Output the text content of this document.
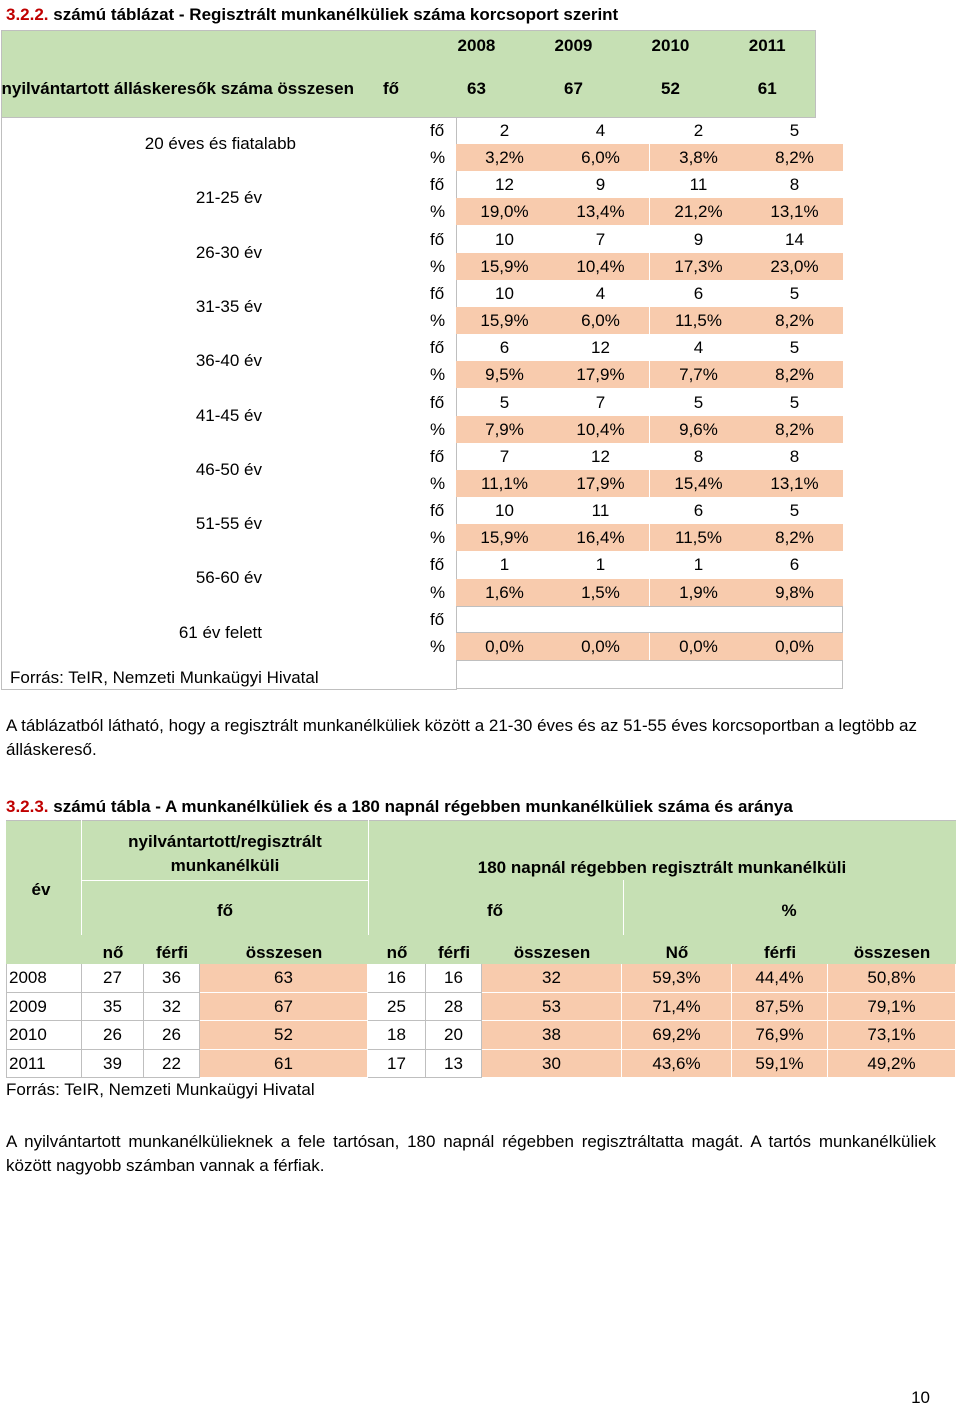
3.2.2. számú táblázat - Regisztrált munkanélküliek száma korcsoport szerint						
			2008	2009	2010	2011	
	nyilvántartott álláskeresők száma összesen	fő	63	67	52	61	
20 éves és fiatalabb
fő	2	4	2	5
%	3,2%	6,0%	3,8%	8,2%
21-25 év
fő	12	9	11	8
%	19,0%	13,4%	21,2%	13,1%
26-30 év
fő	10	7	9	14
%	15,9%	10,4%	17,3%	23,0%
31-35 év
fő	10	4	6	5
%	15,9%	6,0%	11,5%	8,2%
36-40 év
fő	6	12	4	5
%	9,5%	17,9%	7,7%	8,2%
41-45 év
fő	5	7	5	5
%	7,9%	10,4%	9,6%	8,2%
46-50 év
fő	7	12	8	8
%	11,1%	17,9%	15,4%	13,1%
51-55 év
fő	10	11	6	5
%	15,9%	16,4%	11,5%	8,2%
56-60 év
fő	1	1	1	6
%	1,6%	1,5%	1,9%	9,8%
61 év felett
fő
%	0,0%	0,0%	0,0%	0,0%
Forrás: TeIR, Nemzeti Munkaügyi Hivatal

A táblázatból látható, hogy a regisztrált munkanélküliek között a 21-30 éves és az 51-55 éves korcsoportban a legtöbb az álláskereső.

3.2.3. számú tábla - A munkanélküliek és a 180 napnál régebben munkanélküliek száma és aránya
év
nyilvántartott/regisztrált munkanélküli	180 napnál régebben regisztrált munkanélküli
fő	fő	%
nő	férfi	összesen	nő	férfi	összesen	Nő	férfi	összesen
2008	27	36	63	16	16	32	59,3%	44,4%	50,8%
2009	35	32	67	25	28	53	71,4%	87,5%	79,1%
2010	26	26	52	18	20	38	69,2%	76,9%	73,1%
2011	39	22	61	17	13	30	43,6%	59,1%	49,2%
Forrás: TeIR, Nemzeti Munkaügyi Hivatal

A nyilvántartott munkanélkülieknek a fele tartósan, 180 napnál régebben regisztráltatta magát. A tartós munkanélküliek között nagyobb számban vannak a férfiak.

10
